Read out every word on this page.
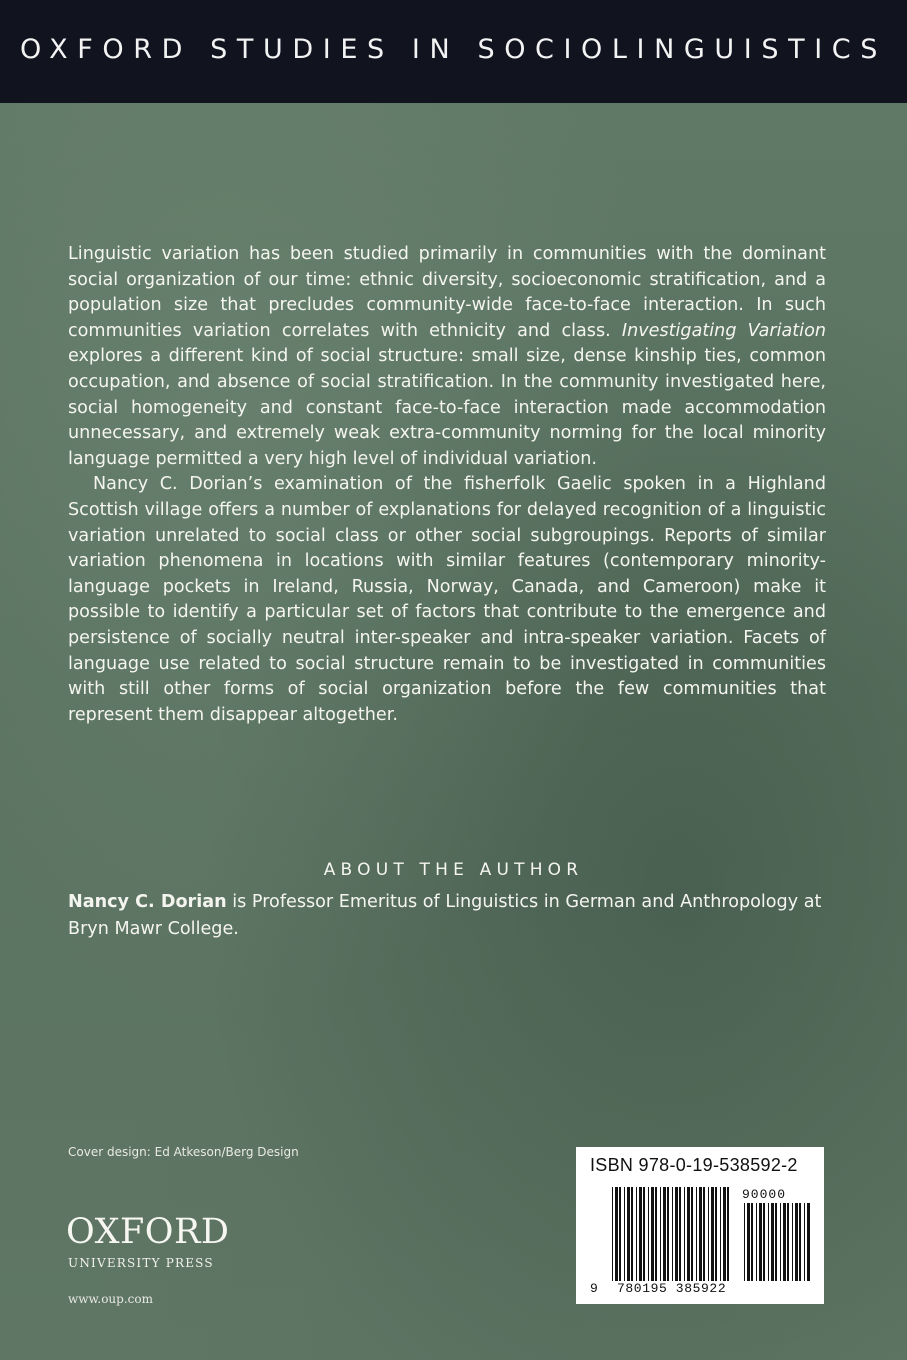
OXFORD STUDIES IN SOCIOLINGUISTICS

Linguistic variation has been studied primarily in communities with the dominant social organization of our time: ethnic diversity, socioeconomic stratification, and a population size that precludes community-wide face-to-face interaction. In such communities variation correlates with ethnicity and class. Investigating Variation explores a different kind of social structure: small size, dense kinship ties, common occupation, and absence of social stratification. In the community investigated here, social homogeneity and constant face-to-face interaction made accommodation unnecessary, and extremely weak extra-community norming for the local minority language permitted a very high level of individual variation.

Nancy C. Dorian’s examination of the fisherfolk Gaelic spoken in a Highland Scottish village offers a number of explanations for delayed recognition of a linguistic variation unrelated to social class or other social subgroupings. Reports of similar variation phenomena in locations with similar features (contemporary minority-language pockets in Ireland, Russia, Norway, Canada, and Cameroon) make it possible to identify a particular set of factors that contribute to the emergence and persistence of socially neutral inter-speaker and intra-speaker variation. Facets of language use related to social structure remain to be investigated in communities with still other forms of social organization before the few communities that represent them disappear altogether.

ABOUT THE AUTHOR
Nancy C. Dorian is Professor Emeritus of Linguistics in German and Anthropology at Bryn Mawr College.
Cover design: Ed Atkeson/Berg Design
OXFORD
UNIVERSITY PRESS
www.oup.com
ISBN 978-0-19-538592-2
90000
9 780195 385922
